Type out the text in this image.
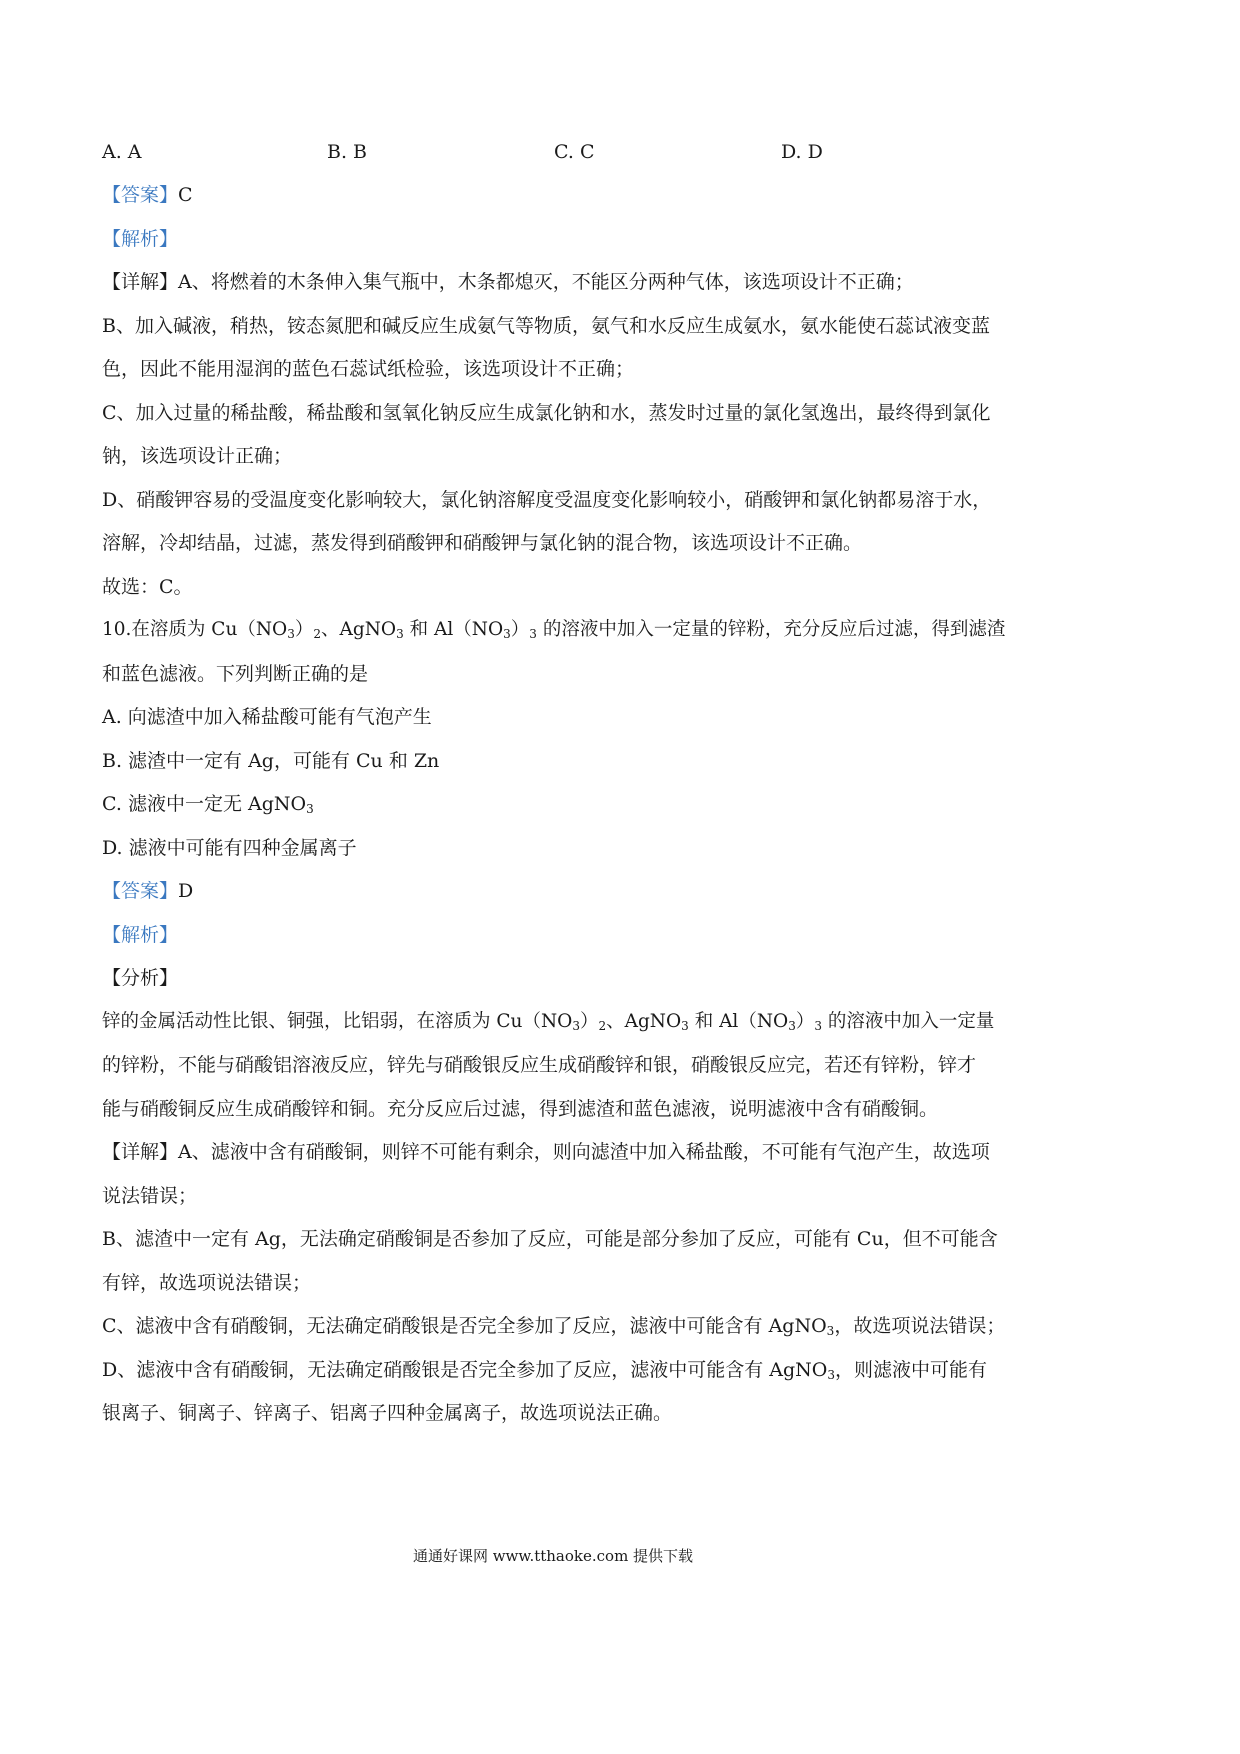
A. A	B. B	C. C	D. D
【答案】C
【解析】
【详解】A、将燃着的木条伸入集气瓶中，木条都熄灭，不能区分两种气体，该选项设计不正确；
B、加入碱液，稍热，铵态氮肥和碱反应生成氨气等物质，氨气和水反应生成氨水，氨水能使石蕊试液变蓝
色，因此不能用湿润的蓝色石蕊试纸检验，该选项设计不正确；
C、加入过量的稀盐酸，稀盐酸和氢氧化钠反应生成氯化钠和水，蒸发时过量的氯化氢逸出，最终得到氯化
钠，该选项设计正确；
D、硝酸钾容易的受温度变化影响较大，氯化钠溶解度受温度变化影响较小，硝酸钾和氯化钠都易溶于水，
溶解，冷却结晶，过滤，蒸发得到硝酸钾和硝酸钾与氯化钠的混合物，该选项设计不正确。
故选：C。
10.在溶质为 $Cu(NO_3)_2$、AgNO$_3$ 和 $Al(NO_3)_3$ 的溶液中加入一定量的锌粉，充分反应后过滤，得到滤渣
和蓝色滤液。下列判断正确的是
A. 向滤渣中加入稀盐酸可能有气泡产生
B. 滤渣中一定有 Ag，可能有 Cu 和 Zn
C. 滤液中一定无 AgNO$_3$
D. 滤液中可能有四种金属离子
【答案】D
【解析】
【分析】
锌的金属活动性比银、铜强，比铝弱，在溶质为 $Cu(NO_3)_2$、AgNO$_3$ 和 $Al(NO_3)_3$ 的溶液中加入一定量
的锌粉，不能与硝酸铝溶液反应，锌先与硝酸银反应生成硝酸锌和银，硝酸银反应完，若还有锌粉，锌才
能与硝酸铜反应生成硝酸锌和铜。充分反应后过滤，得到滤渣和蓝色滤液，说明滤液中含有硝酸铜。
【详解】A、滤液中含有硝酸铜，则锌不可能有剩余，则向滤渣中加入稀盐酸，不可能有气泡产生，故选项
说法错误；
B、滤渣中一定有 Ag，无法确定硝酸铜是否参加了反应，可能是部分参加了反应，可能有 Cu，但不可能含
有锌，故选项说法错误；
C、滤液中含有硝酸铜，无法确定硝酸银是否完全参加了反应，滤液中可能含有 AgNO$_3$，故选项说法错误；
D、滤液中含有硝酸铜，无法确定硝酸银是否完全参加了反应，滤液中可能含有 AgNO$_3$，则滤液中可能有
银离子、铜离子、锌离子、铝离子四种金属离子，故选项说法正确。
通通好课网 www.tthaoke.com 提供下载
